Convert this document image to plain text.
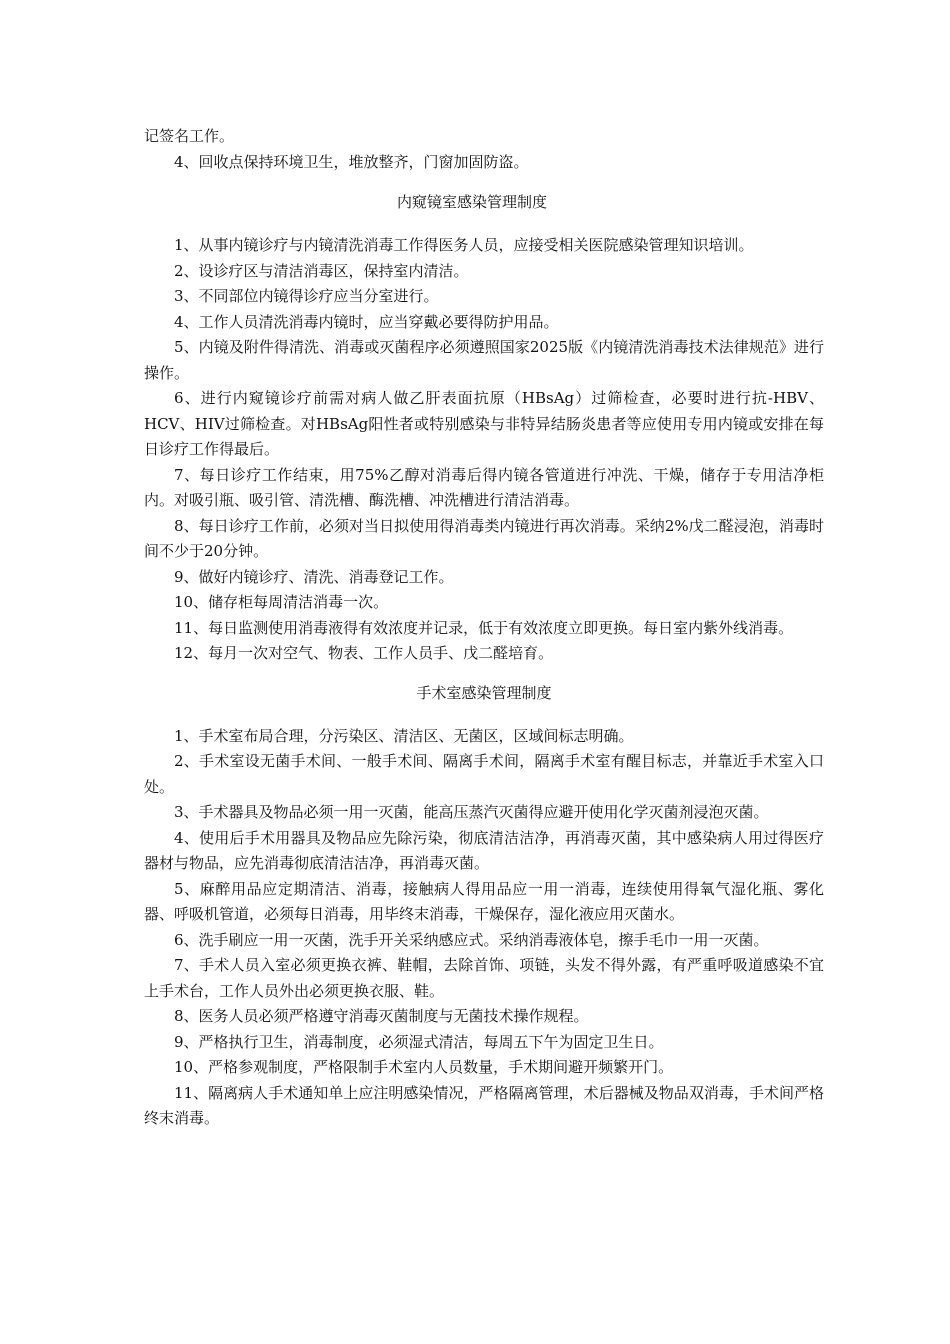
记签名工作。

4、回收点保持环境卫生，堆放整齐，门窗加固防盗。

内窥镜室感染管理制度

1、从事内镜诊疗与内镜清洗消毒工作得医务人员，应接受相关医院感染管理知识培训。

2、设诊疗区与清洁消毒区，保持室内清洁。

3、不同部位内镜得诊疗应当分室进行。

4、工作人员清洗消毒内镜时，应当穿戴必要得防护用品。

5、内镜及附件得清洗、消毒或灭菌程序必须遵照国家2025版《内镜清洗消毒技术法律规范》进行操作。

6、进行内窥镜诊疗前需对病人做乙肝表面抗原（HBsAg）过筛检查，必要时进行抗-HBV、HCV、HIV过筛检查。对HBsAg阳性者或特别感染与非特异结肠炎患者等应使用专用内镜或安排在每日诊疗工作得最后。

7、每日诊疗工作结束，用75%乙醇对消毒后得内镜各管道进行冲洗、干燥，储存于专用洁净柜内。对吸引瓶、吸引管、清洗槽、酶洗槽、冲洗槽进行清洁消毒。

8、每日诊疗工作前，必须对当日拟使用得消毒类内镜进行再次消毒。采纳2%戊二醛浸泡，消毒时间不少于20分钟。

9、做好内镜诊疗、清洗、消毒登记工作。

10、储存柜每周清洁消毒一次。

11、每日监测使用消毒液得有效浓度并记录，低于有效浓度立即更换。每日室内紫外线消毒。

12、每月一次对空气、物表、工作人员手、戊二醛培育。

手术室感染管理制度

1、手术室布局合理，分污染区、清洁区、无菌区，区域间标志明确。

2、手术室设无菌手术间、一般手术间、隔离手术间，隔离手术室有醒目标志，并靠近手术室入口处。

3、手术器具及物品必须一用一灭菌，能高压蒸汽灭菌得应避开使用化学灭菌剂浸泡灭菌。

4、使用后手术用器具及物品应先除污染，彻底清洁洁净，再消毒灭菌，其中感染病人用过得医疗器材与物品，应先消毒彻底清洁洁净，再消毒灭菌。

5、麻醉用品应定期清洁、消毒，接触病人得用品应一用一消毒，连续使用得氧气湿化瓶、雾化器、呼吸机管道，必须每日消毒，用毕终末消毒，干燥保存，湿化液应用灭菌水。

6、洗手刷应一用一灭菌，洗手开关采纳感应式。采纳消毒液体皂，擦手毛巾一用一灭菌。

7、手术人员入室必须更换衣裤、鞋帽，去除首饰、项链，头发不得外露，有严重呼吸道感染不宜上手术台，工作人员外出必须更换衣服、鞋。

8、医务人员必须严格遵守消毒灭菌制度与无菌技术操作规程。

9、严格执行卫生，消毒制度，必须湿式清洁，每周五下午为固定卫生日。

10、严格参观制度，严格限制手术室内人员数量，手术期间避开频繁开门。

11、隔离病人手术通知单上应注明感染情况，严格隔离管理，术后器械及物品双消毒，手术间严格终末消毒。
